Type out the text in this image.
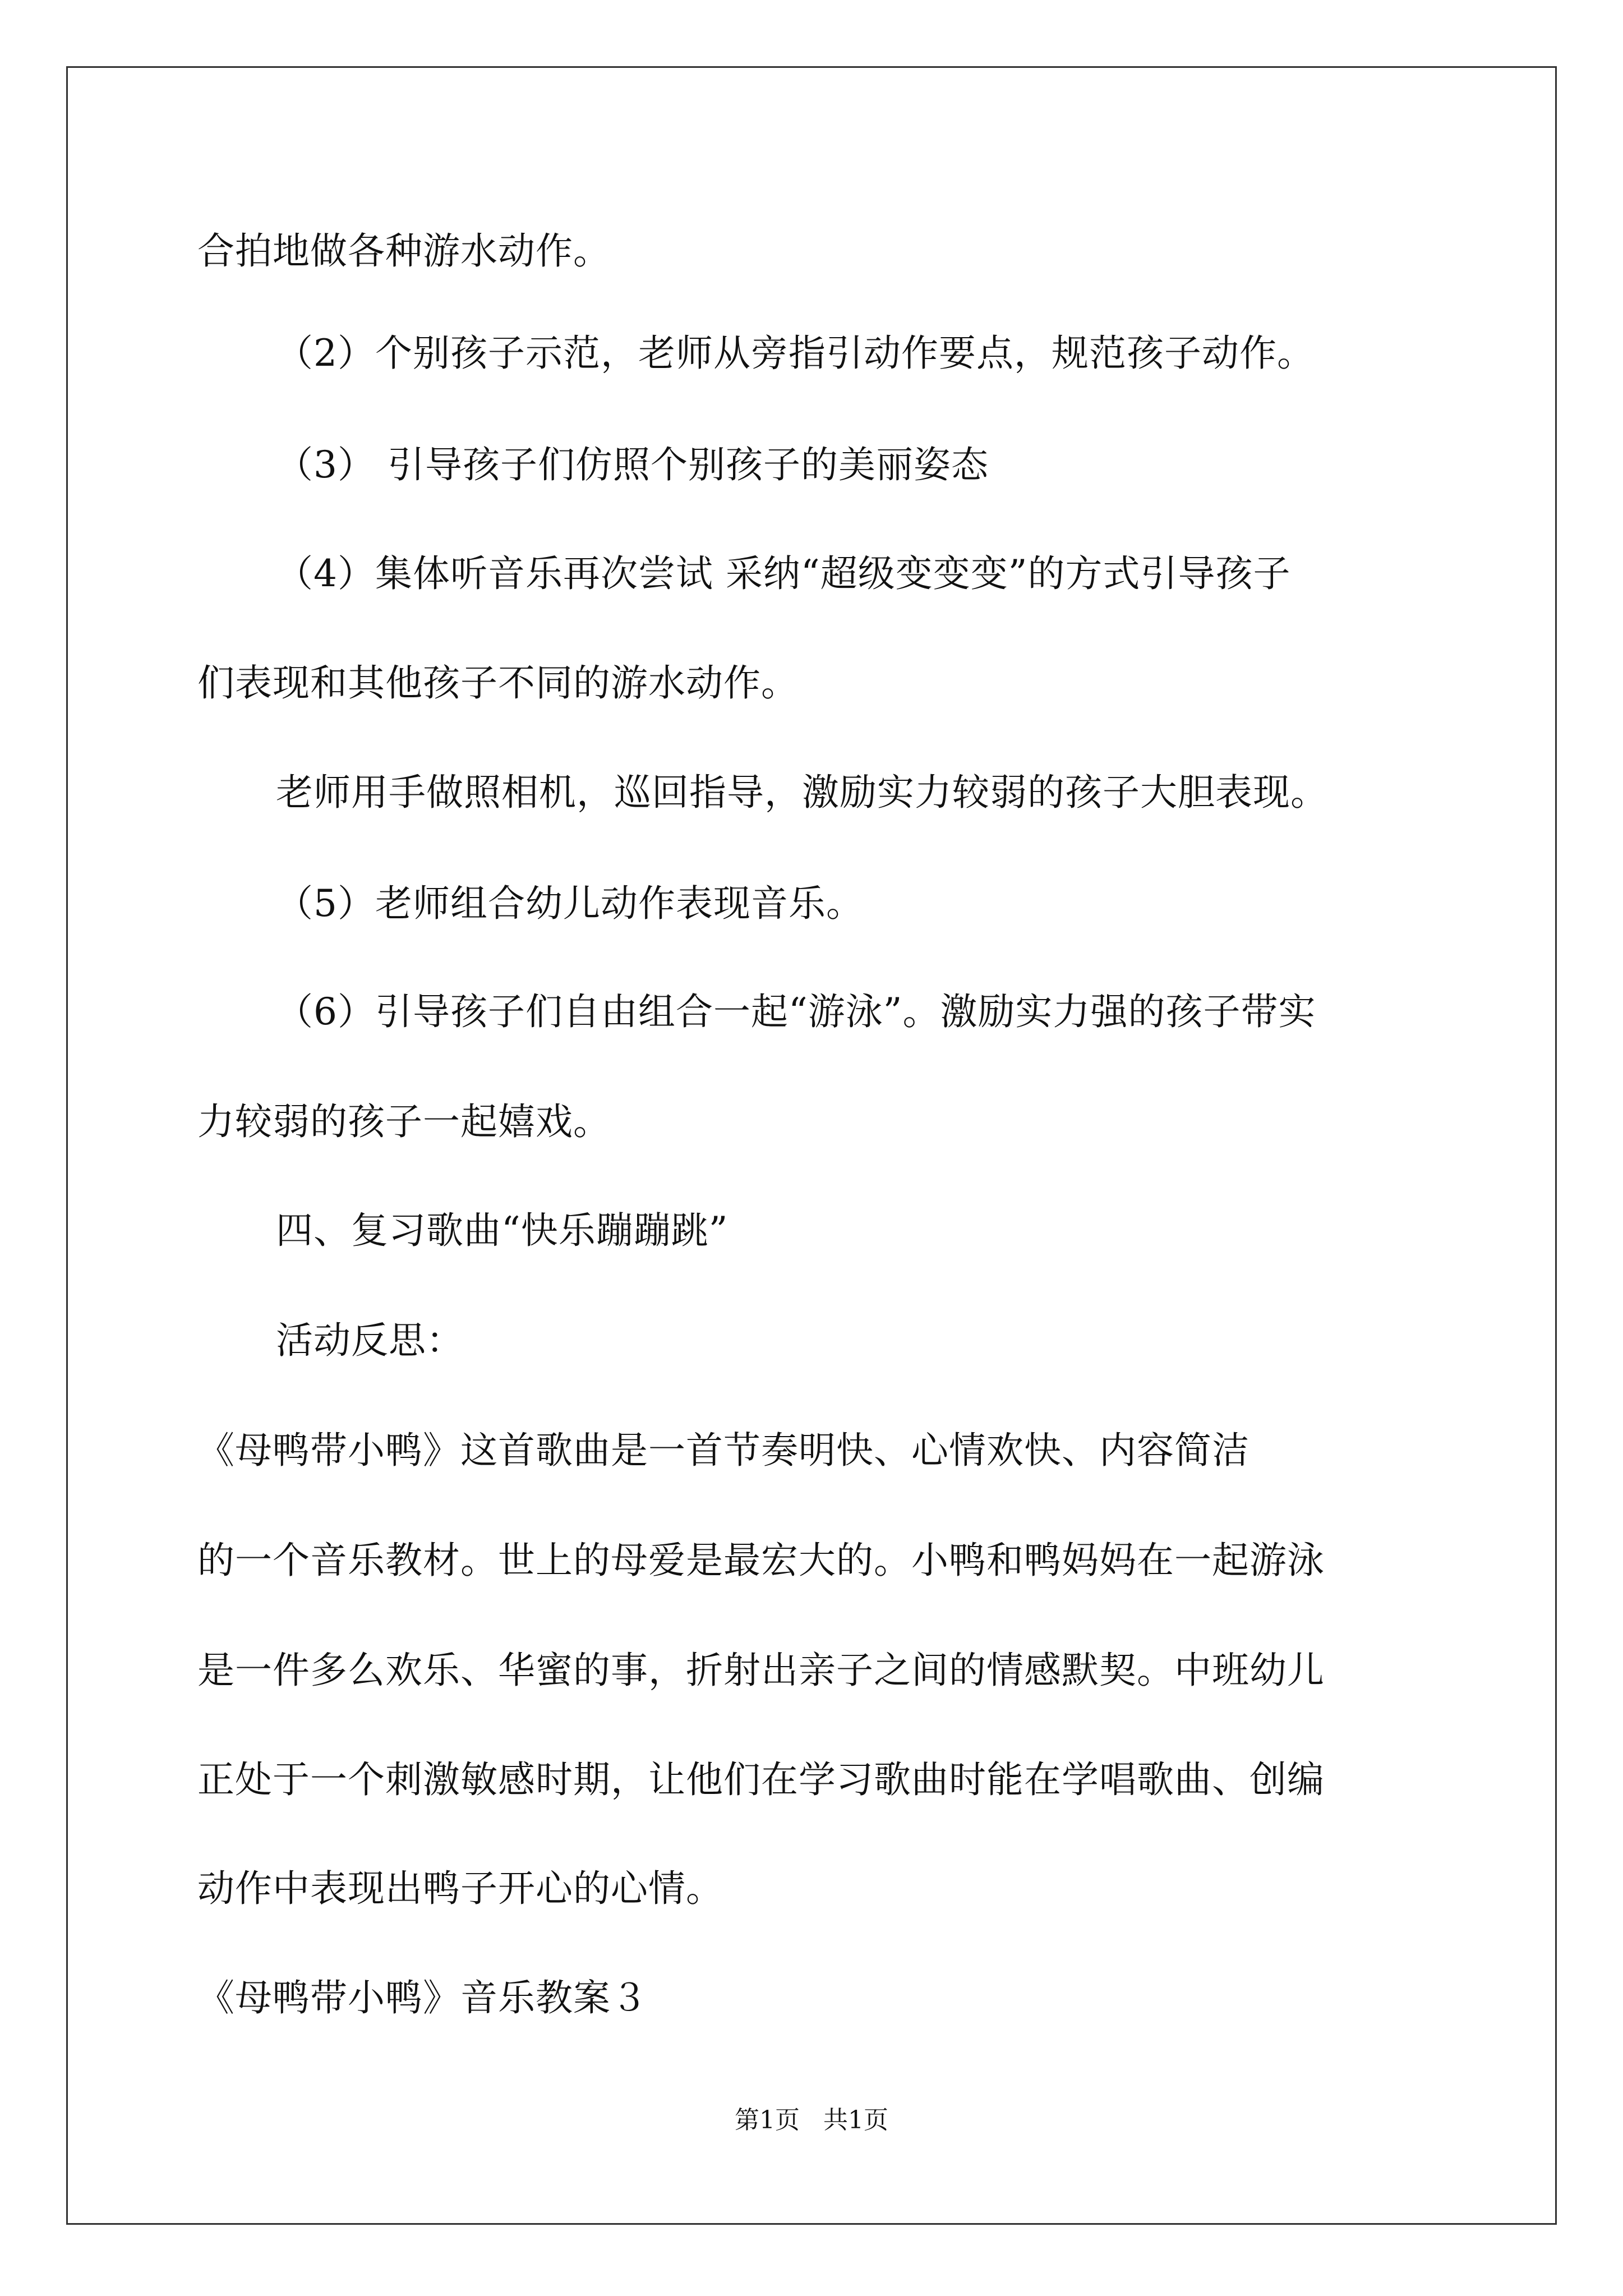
合拍地做各种游水动作。
（2）个别孩子示范，老师从旁指引动作要点，规范孩子动作。
（3） 引导孩子们仿照个别孩子的美丽姿态
（4）集体听音乐再次尝试 采纳“超级变变变”的方式引导孩子
们表现和其他孩子不同的游水动作。
老师用手做照相机，巡回指导，激励实力较弱的孩子大胆表现。
（5）老师组合幼儿动作表现音乐。
（6）引导孩子们自由组合一起“游泳”。激励实力强的孩子带实
力较弱的孩子一起嬉戏。
四、复习歌曲“快乐蹦蹦跳”
活动反思：
《母鸭带小鸭》这首歌曲是一首节奏明快、心情欢快、内容简洁
的一个音乐教材。世上的母爱是最宏大的。小鸭和鸭妈妈在一起游泳
是一件多么欢乐、华蜜的事，折射出亲子之间的情感默契。中班幼儿
正处于一个刺激敏感时期，让他们在学习歌曲时能在学唱歌曲、创编
动作中表现出鸭子开心的心情。
《母鸭带小鸭》音乐教案３
第1页   共1页
